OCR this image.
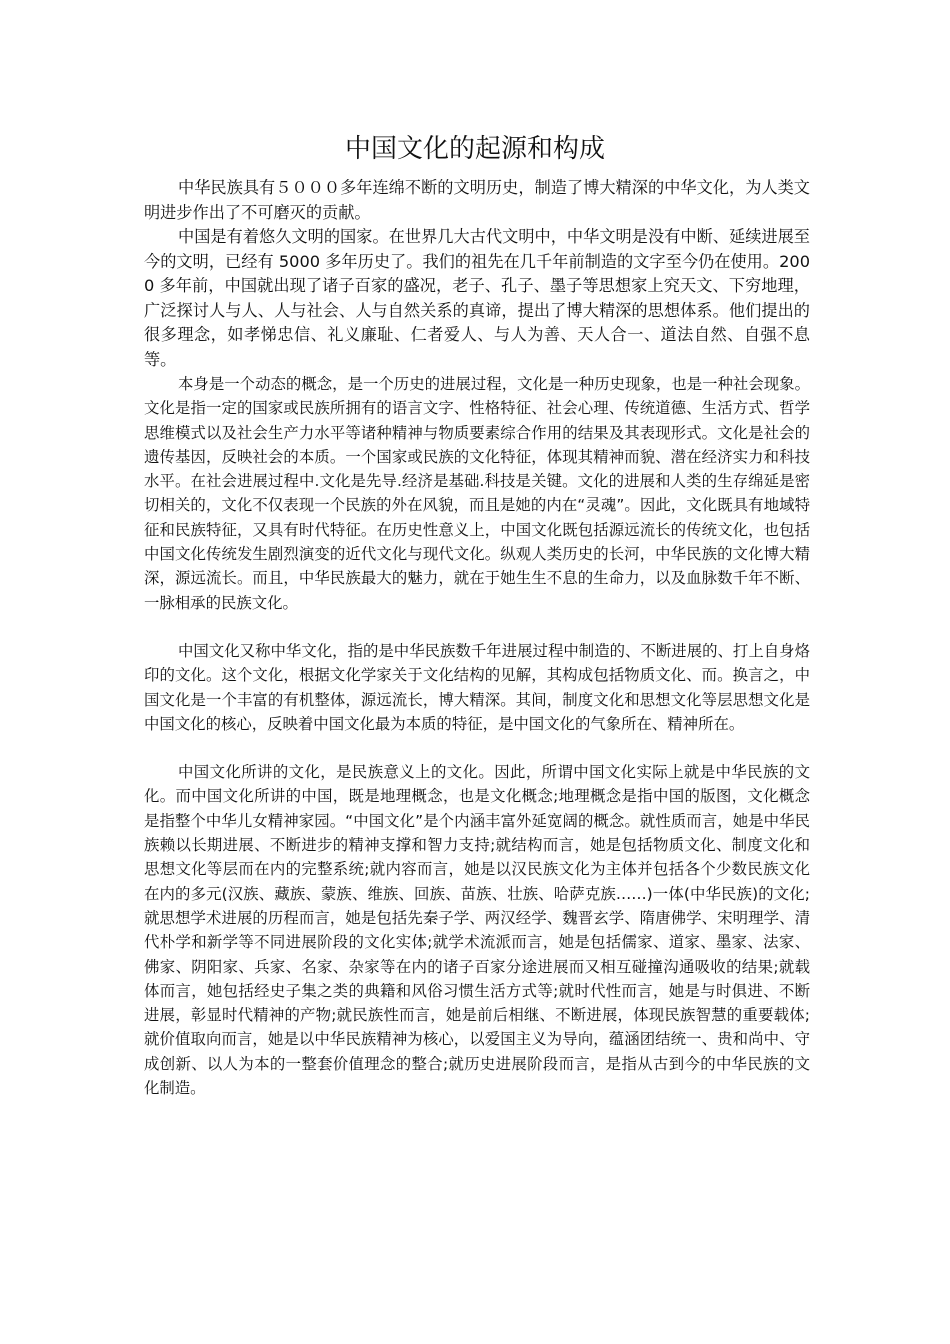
中国文化的起源和构成

中华民族具有５０００多年连绵不断的文明历史，制造了博大精深的中华文化，为人类文明进步作出了不可磨灭的贡献。

中国是有着悠久文明的国家。在世界几大古代文明中，中华文明是没有中断、延续进展至今的文明，已经有 5000 多年历史了。我们的祖先在几千年前制造的文字至今仍在使用。2000 多年前，中国就出现了诸子百家的盛况，老子、孔子、墨子等思想家上究天文、下穷地理，广泛探讨人与人、人与社会、人与自然关系的真谛，提出了博大精深的思想体系。他们提出的很多理念，如孝悌忠信、礼义廉耻、仁者爱人、与人为善、天人合一、道法自然、自强不息等。

本身是一个动态的概念，是一个历史的进展过程，文化是一种历史现象，也是一种社会现象。文化是指一定的国家或民族所拥有的语言文字、性格特征、社会心理、传统道德、生活方式、哲学思维模式以及社会生产力水平等诸种精神与物质要素综合作用的结果及其表现形式。文化是社会的遗传基因，反映社会的本质。一个国家或民族的文化特征，体现其精神而貌、潜在经济实力和科技水平。在社会进展过程中.文化是先导.经济是基础.科技是关键。文化的进展和人类的生存绵延是密切相关的，文化不仅表现一个民族的外在风貌，而且是她的内在“灵魂”。因此，文化既具有地域特征和民族特征，又具有时代特征。在历史性意义上，中国文化既包括源远流长的传统文化，也包括中国文化传统发生剧烈演变的近代文化与现代文化。纵观人类历史的长河，中华民族的文化博大精深，源远流长。而且，中华民族最大的魅力，就在于她生生不息的生命力，以及血脉数千年不断、一脉相承的民族文化。

中国文化又称中华文化，指的是中华民族数千年进展过程中制造的、不断进展的、打上自身烙印的文化。这个文化，根据文化学家关于文化结构的见解，其构成包括物质文化、而。换言之，中国文化是一个丰富的有机整体，源远流长，博大精深。其间，制度文化和思想文化等层思想文化是中国文化的核心，反映着中国文化最为本质的特征，是中国文化的气象所在、精神所在。

中国文化所讲的文化，是民族意义上的文化。因此，所谓中国文化实际上就是中华民族的文化。而中国文化所讲的中国，既是地理概念，也是文化概念;地理概念是指中国的版图，文化概念是指整个中华儿女精神家园。“中国文化”是个内涵丰富外延宽阔的概念。就性质而言，她是中华民族赖以长期进展、不断进步的精神支撑和智力支持;就结构而言，她是包括物质文化、制度文化和思想文化等层而在内的完整系统;就内容而言，她是以汉民族文化为主体并包括各个少数民族文化在内的多元(汉族、藏族、蒙族、维族、回族、苗族、壮族、哈萨克族……)一体(中华民族)的文化;就思想学术进展的历程而言，她是包括先秦子学、两汉经学、魏晋玄学、隋唐佛学、宋明理学、清代朴学和新学等不同进展阶段的文化实体;就学术流派而言，她是包括儒家、道家、墨家、法家、佛家、阴阳家、兵家、名家、杂家等在内的诸子百家分途进展而又相互碰撞沟通吸收的结果;就载体而言，她包括经史子集之类的典籍和风俗习惯生活方式等;就时代性而言，她是与时俱进、不断进展，彰显时代精神的产物;就民族性而言，她是前后相继、不断进展，体现民族智慧的重要载体;就价值取向而言，她是以中华民族精神为核心，以爱国主义为导向，蕴涵团结统一、贵和尚中、守成创新、以人为本的一整套价值理念的整合;就历史进展阶段而言，是指从古到今的中华民族的文化制造。
